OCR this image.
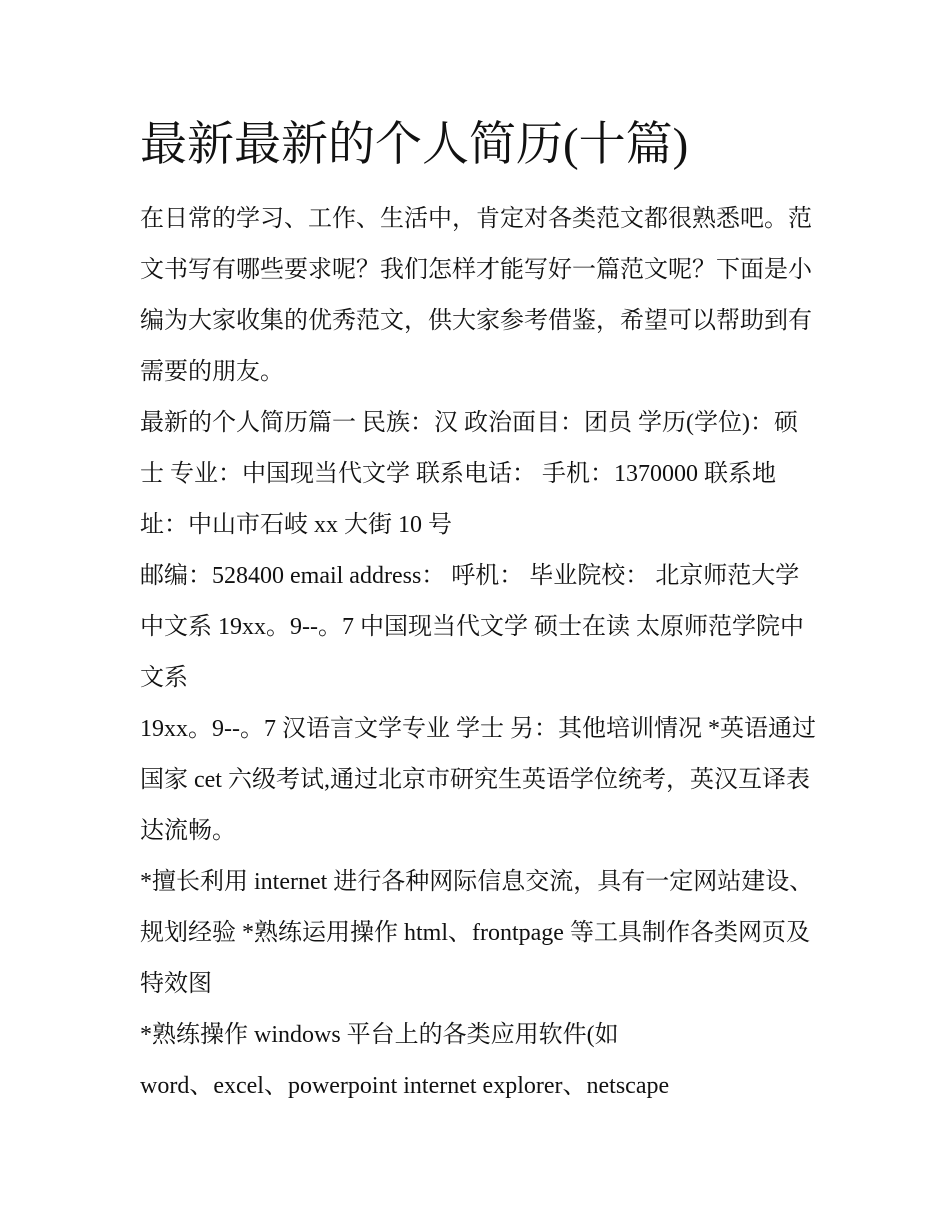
最新最新的个人简历(十篇)

在日常的学习、工作、生活中，肯定对各类范文都很熟悉吧。范文书写有哪些要求呢？我们怎样才能写好一篇范文呢？下面是小编为大家收集的优秀范文，供大家参考借鉴，希望可以帮助到有需要的朋友。

最新的个人简历篇一 民族：汉 政治面目：团员 学历(学位)：硕士 专业：中国现当代文学 联系电话： 手机：1370000 联系地址：中山市石岐 xx 大街 10 号

邮编：528400 email address： 呼机： 毕业院校： 北京师范大学中文系 19xx。9--。7 中国现当代文学 硕士在读 太原师范学院中文系

19xx。9--。7 汉语言文学专业 学士 另：其他培训情况 *英语通过国家 cet 六级考试,通过北京市研究生英语学位统考，英汉互译表达流畅。

*擅长利用 internet 进行各种网际信息交流，具有一定网站建设、规划经验 *熟练运用操作 html、frontpage 等工具制作各类网页及特效图

*熟练操作 windows 平台上的各类应用软件(如

word、excel、powerpoint internet explorer、netscape
